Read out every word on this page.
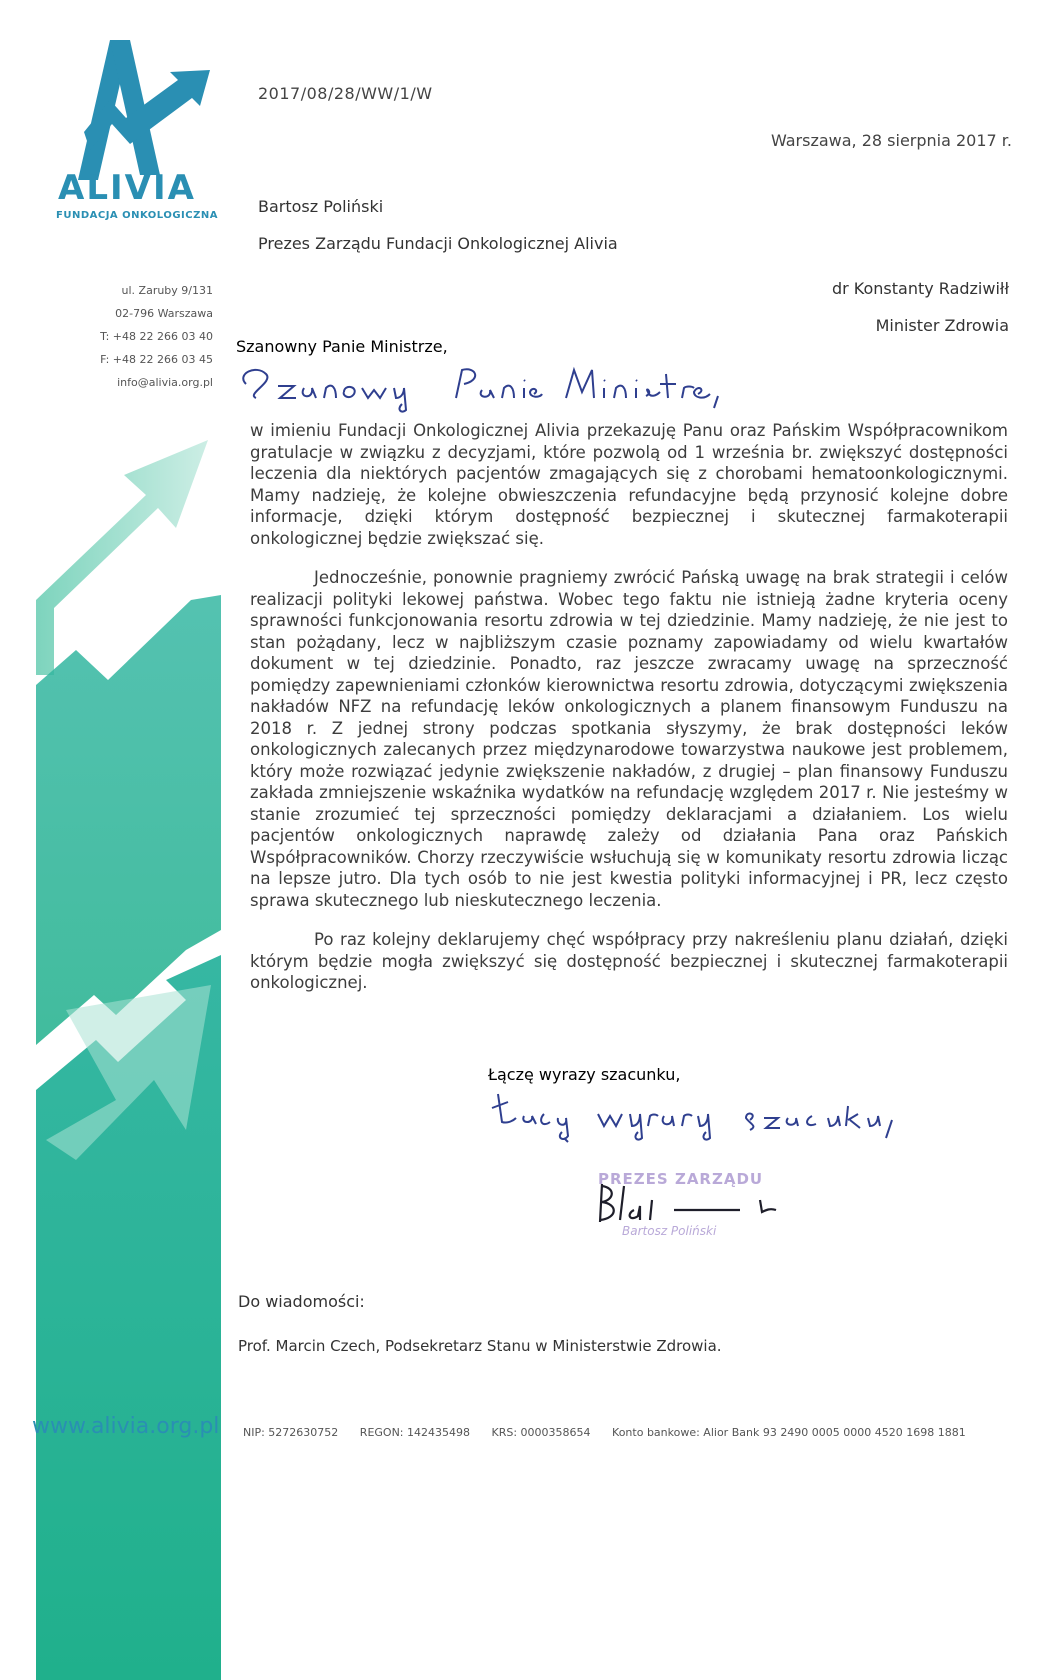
ALIVIA
FUNDACJA ONKOLOGICZNA
ul. Zaruby 9/131
02-796 Warszawa
T: +48 22 266 03 40
F: +48 22 266 03 45
info@alivia.org.pl
2017/08/28/WW/1/W
Warszawa, 28 sierpnia 2017 r.
Bartosz Poliński
Prezes Zarządu Fundacji Onkologicznej Alivia
dr Konstanty Radziwiłł
Minister Zdrowia
Szanowny Panie Ministrze,

w imieniu Fundacji Onkologicznej Alivia przekazuję Panu oraz Pańskim Współpracownikom gratulacje w związku z decyzjami, które pozwolą od 1 września br. zwiększyć dostępności leczenia dla niektórych pacjentów zmagających się z chorobami hematoonkologicznymi. Mamy nadzieję, że kolejne obwieszczenia refundacyjne będą przynosić kolejne dobre informacje, dzięki którym dostępność bezpiecznej i skutecznej farmakoterapii onkologicznej będzie zwiększać się.

Jednocześnie, ponownie pragniemy zwrócić Pańską uwagę na brak strategii i celów realizacji polityki lekowej państwa. Wobec tego faktu nie istnieją żadne kryteria oceny sprawności funkcjonowania resortu zdrowia w tej dziedzinie. Mamy nadzieję, że nie jest to stan pożądany, lecz w najbliższym czasie poznamy zapowiadamy od wielu kwartałów dokument w tej dziedzinie. Ponadto, raz jeszcze zwracamy uwagę na sprzeczność pomiędzy zapewnieniami członków kierownictwa resortu zdrowia, dotyczącymi zwiększenia nakładów NFZ na refundację leków onkologicznych a planem finansowym Funduszu na 2018 r. Z jednej strony podczas spotkania słyszymy, że brak dostępności leków onkologicznych zalecanych przez międzynarodowe towarzystwa naukowe jest problemem, który może rozwiązać jedynie zwiększenie nakładów, z drugiej – plan finansowy Funduszu zakłada zmniejszenie wskaźnika wydatków na refundację względem 2017 r. Nie jesteśmy w stanie zrozumieć tej sprzeczności pomiędzy deklaracjami a działaniem. Los wielu pacjentów onkologicznych naprawdę zależy od działania Pana oraz Pańskich Współpracowników. Chorzy rzeczywiście wsłuchują się w komunikaty resortu zdrowia licząc na lepsze jutro. Dla tych osób to nie jest kwestia polityki informacyjnej i PR, lecz często sprawa skutecznego lub nieskutecznego leczenia.

Po raz kolejny deklarujemy chęć współpracy przy nakreśleniu planu działań, dzięki którym będzie mogła zwiększyć się dostępność bezpiecznej i skutecznej farmakoterapii onkologicznej.

Łączę wyrazy szacunku,
PREZES ZARZĄDU
Bartosz Poliński
Do wiadomości:
Prof. Marcin Czech, Podsekretarz Stanu w Ministerstwie Zdrowia.
www.alivia.org.pl NIP: 5272630752 REGON: 142435498 KRS: 0000358654 Konto bankowe: Alior Bank 93 2490 0005 0000 4520 1698 1881
